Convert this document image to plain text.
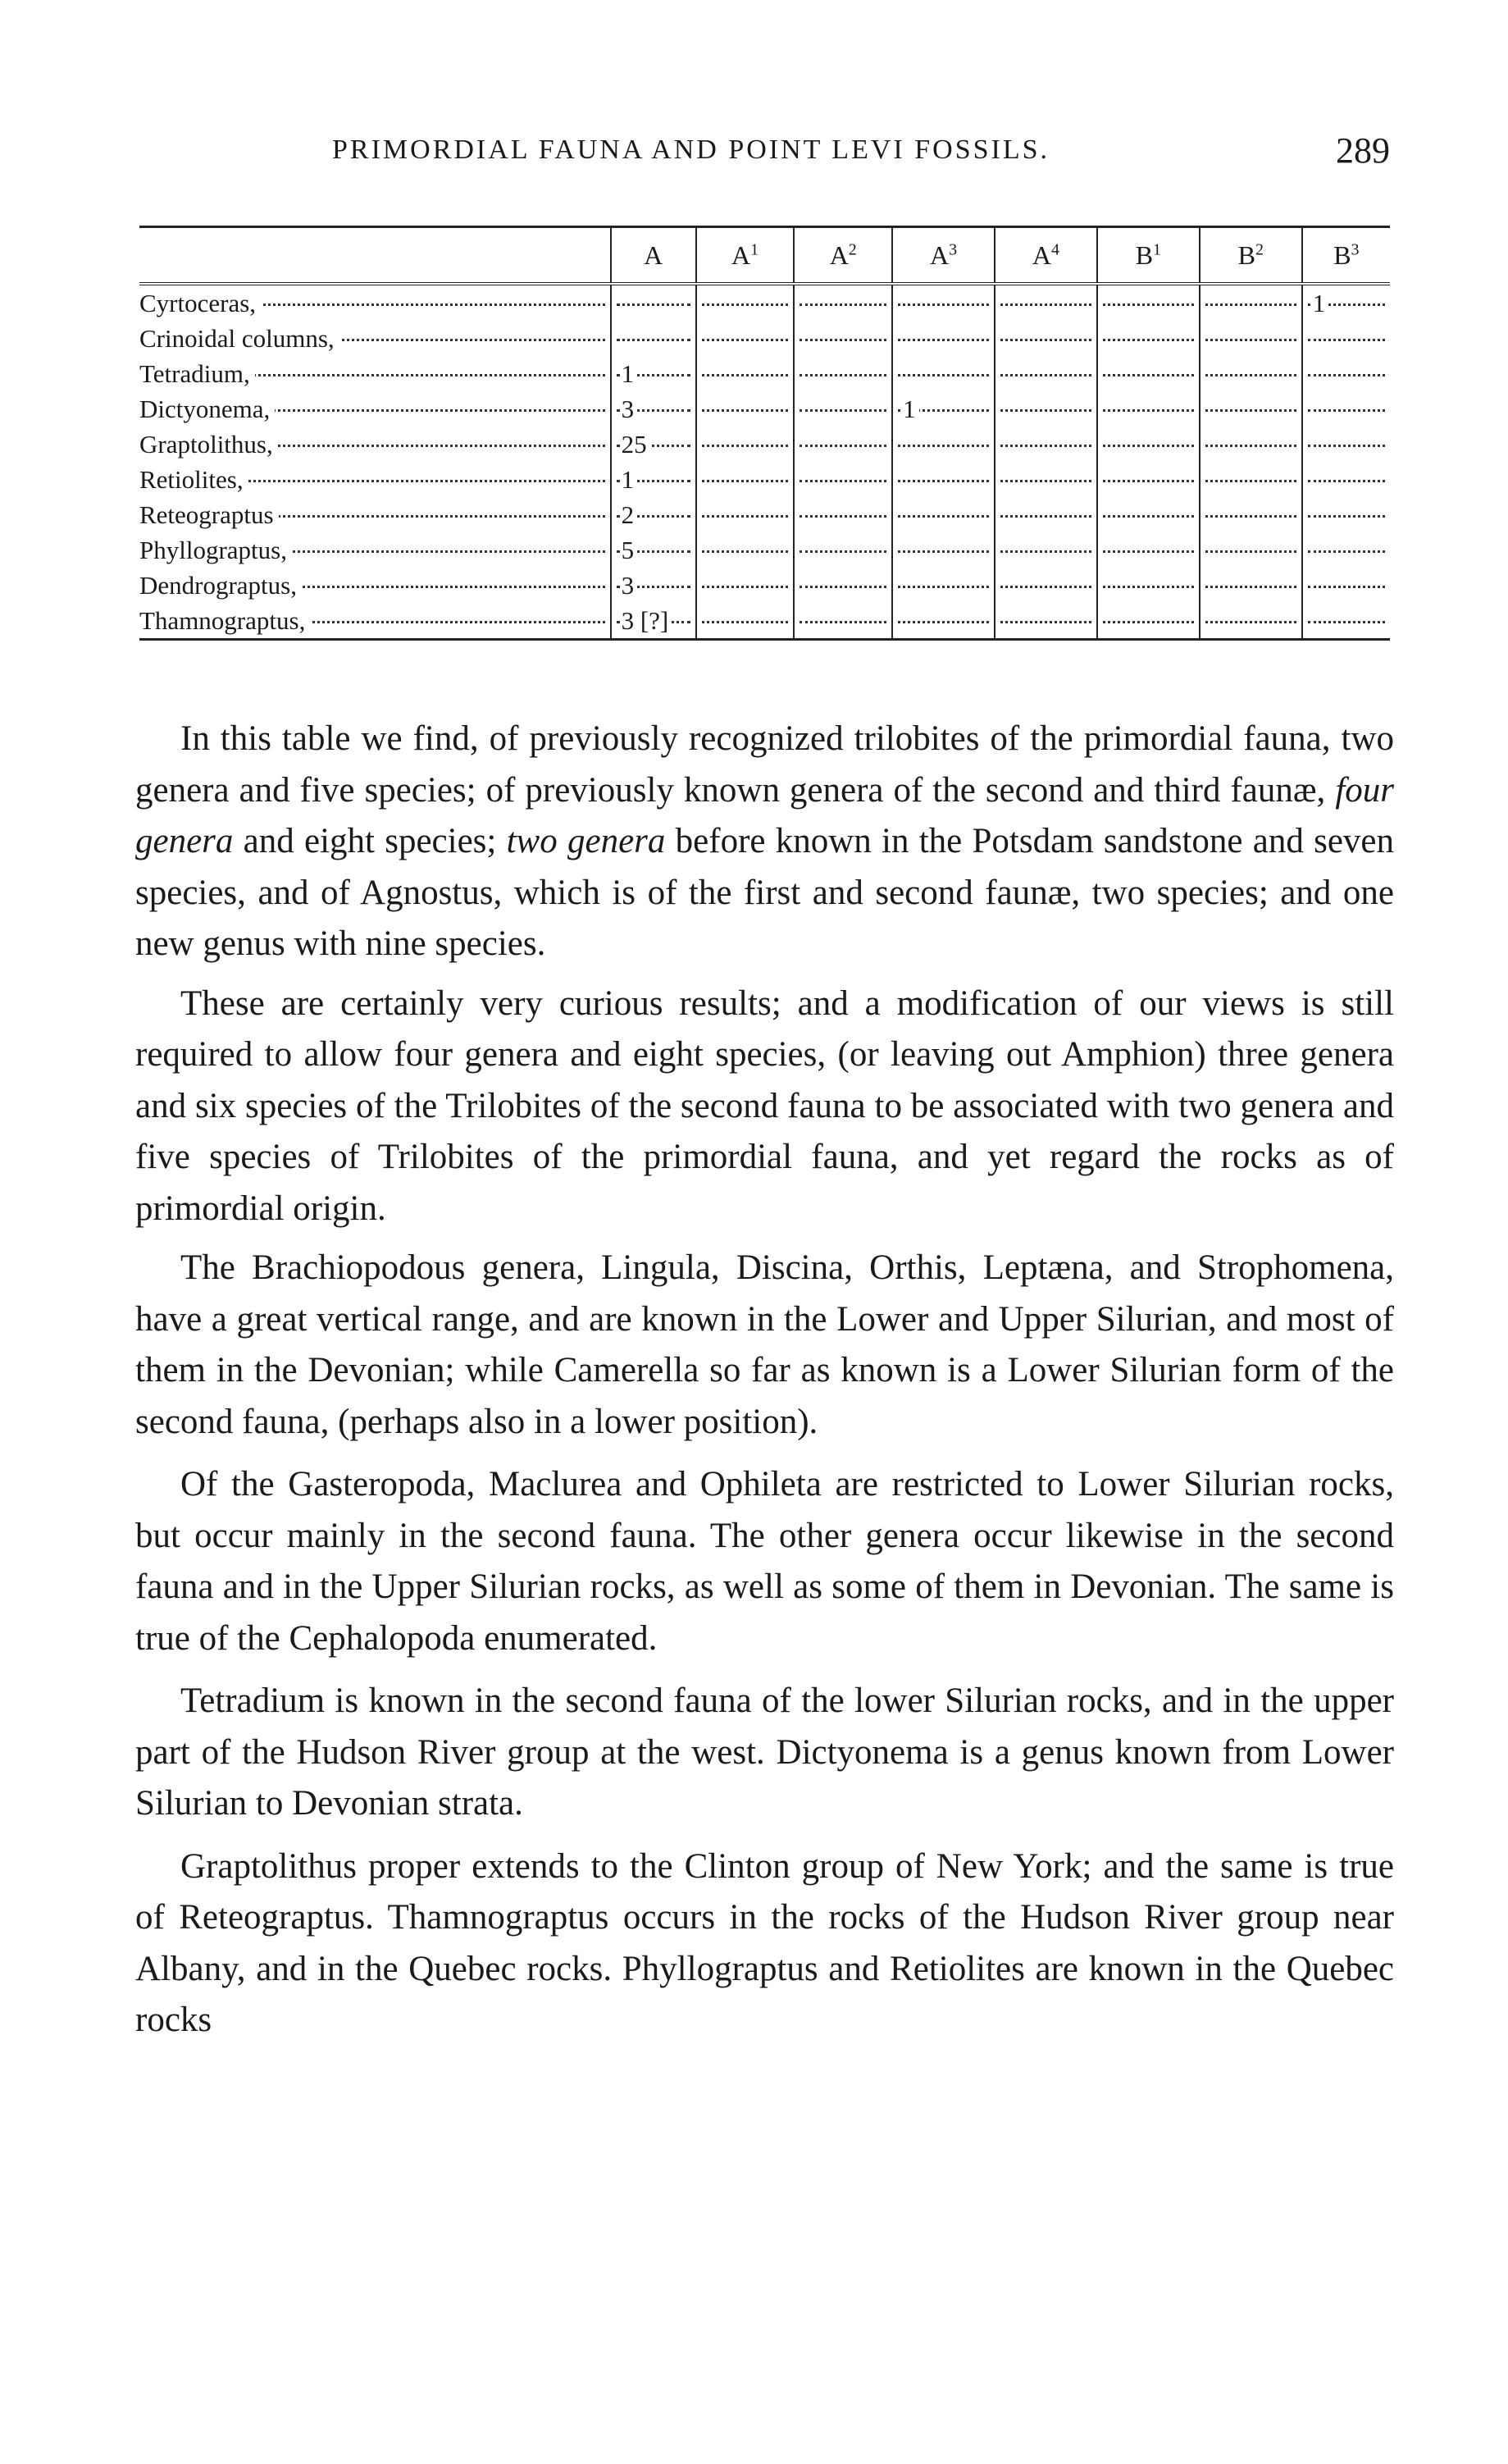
PRIMORDIAL FAUNA AND POINT LEVI FOSSILS.	289
	A	$A^1$	$A^2$	$A^3$	$A^4$	$B^1$	$B^2$	$B^3$

Cyrtoceras,								1

Crinoidal columns,	

Tetradium,	1	

Dictyonema,	3			1	

Graptolithus,	25	

Retiolites,	1	

Reteograptus	2	

Phyllograptus,	5	

Dendrograptus,	3	

Thamnograptus,	3 [?]	

In this table we find, of previously recognized trilobites of the primordial fauna, two genera and five species; of previously known genera of the second and third faunæ, four genera and eight species; two genera before known in the Potsdam sandstone and seven species, and of Agnostus, which is of the first and second faunæ, two species; and one new genus with nine species.

These are certainly very curious results; and a modification of our views is still required to allow four genera and eight species, (or leaving out Amphion) three genera and six species of the Trilobites of the second fauna to be associated with two genera and five species of Trilobites of the primordial fauna, and yet regard the rocks as of primordial origin.

The Brachiopodous genera, Lingula, Discina, Orthis, Leptæna, and Strophomena, have a great vertical range, and are known in the Lower and Upper Silurian, and most of them in the Devonian; while Camerella so far as known is a Lower Silurian form of the second fauna, (perhaps also in a lower position).

Of the Gasteropoda, Maclurea and Ophileta are restricted to Lower Silurian rocks, but occur mainly in the second fauna. The other genera occur likewise in the second fauna and in the Upper Silurian rocks, as well as some of them in Devonian. The same is true of the Cephalopoda enumerated.

Tetradium is known in the second fauna of the lower Silurian rocks, and in the upper part of the Hudson River group at the west. Dictyonema is a genus known from Lower Silurian to Devonian strata.

Graptolithus proper extends to the Clinton group of New York; and the same is true of Reteograptus. Thamnograptus occurs in the rocks of the Hudson River group near Albany, and in the Quebec rocks. Phyllograptus and Retiolites are known in the Quebec rocks
